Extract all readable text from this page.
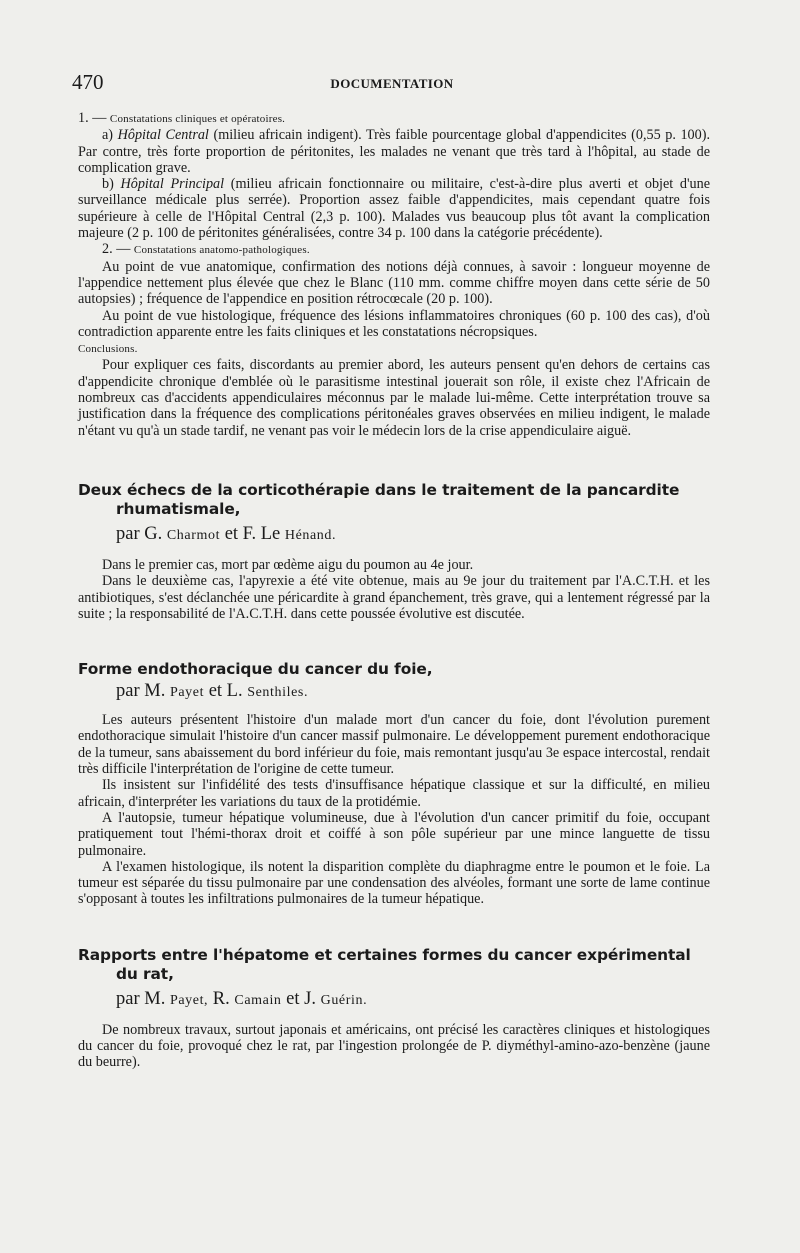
470	DOCUMENTATION

1. — Constatations cliniques et opératoires.

a) Hôpital Central (milieu africain indigent). Très faible pourcentage global d'appendicites (0,55 p. 100). Par contre, très forte proportion de péritonites, les malades ne venant que très tard à l'hôpital, au stade de complication grave.

b) Hôpital Principal (milieu africain fonctionnaire ou militaire, c'est-à-dire plus averti et objet d'une surveillance médicale plus serrée). Proportion assez faible d'appendicites, mais cependant quatre fois supérieure à celle de l'Hôpital Central (2,3 p. 100). Malades vus beaucoup plus tôt avant la complication majeure (2 p. 100 de péritonites généralisées, contre 34 p. 100 dans la catégorie précédente).

2. — Constatations anatomo-pathologiques.

Au point de vue anatomique, confirmation des notions déjà connues, à savoir : longueur moyenne de l'appendice nettement plus élevée que chez le Blanc (110 mm. comme chiffre moyen dans cette série de 50 autopsies) ; fréquence de l'appendice en position rétrocœcale (20 p. 100).

Au point de vue histologique, fréquence des lésions inflammatoires chroniques (60 p. 100 des cas), d'où contradiction apparente entre les faits cliniques et les constatations nécropsiques.

Conclusions.

Pour expliquer ces faits, discordants au premier abord, les auteurs pensent qu'en dehors de certains cas d'appendicite chronique d'emblée où le parasitisme intestinal jouerait son rôle, il existe chez l'Africain de nombreux cas d'accidents appendiculaires méconnus par le malade lui-même. Cette interprétation trouve sa justification dans la fréquence des complications péritonéales graves observées en milieu indigent, le malade n'étant vu qu'à un stade tardif, ne venant pas voir le médecin lors de la crise appendiculaire aiguë.

Deux échecs de la corticothérapie dans le traitement de la pancardite
rhumatismale,
par G. Charmot et F. Le Hénand.

Dans le premier cas, mort par œdème aigu du poumon au 4e jour.

Dans le deuxième cas, l'apyrexie a été vite obtenue, mais au 9e jour du traitement par l'A.C.T.H. et les antibiotiques, s'est déclanchée une péricardite à grand épanchement, très grave, qui a lentement régressé par la suite ; la responsabilité de l'A.C.T.H. dans cette poussée évolutive est discutée.

Forme endothoracique du cancer du foie,
par M. Payet et L. Senthiles.

Les auteurs présentent l'histoire d'un malade mort d'un cancer du foie, dont l'évolution purement endothoracique simulait l'histoire d'un cancer massif pulmonaire. Le développement purement endothoracique de la tumeur, sans abaissement du bord inférieur du foie, mais remontant jusqu'au 3e espace intercostal, rendait très difficile l'interprétation de l'origine de cette tumeur.

Ils insistent sur l'infidélité des tests d'insuffisance hépatique classique et sur la difficulté, en milieu africain, d'interpréter les variations du taux de la protidémie.

A l'autopsie, tumeur hépatique volumineuse, due à l'évolution d'un cancer primitif du foie, occupant pratiquement tout l'hémi-thorax droit et coiffé à son pôle supérieur par une mince languette de tissu pulmonaire.

A l'examen histologique, ils notent la disparition complète du diaphragme entre le poumon et le foie. La tumeur est séparée du tissu pulmonaire par une condensation des alvéoles, formant une sorte de lame continue s'opposant à toutes les infiltrations pulmonaires de la tumeur hépatique.

Rapports entre l'hépatome et certaines formes du cancer expérimental
du rat,
par M. Payet, R. Camain et J. Guérin.

De nombreux travaux, surtout japonais et américains, ont précisé les caractères cliniques et histologiques du cancer du foie, provoqué chez le rat, par l'ingestion prolongée de P. diyméthyl-amino-azo-benzène (jaune du beurre).
